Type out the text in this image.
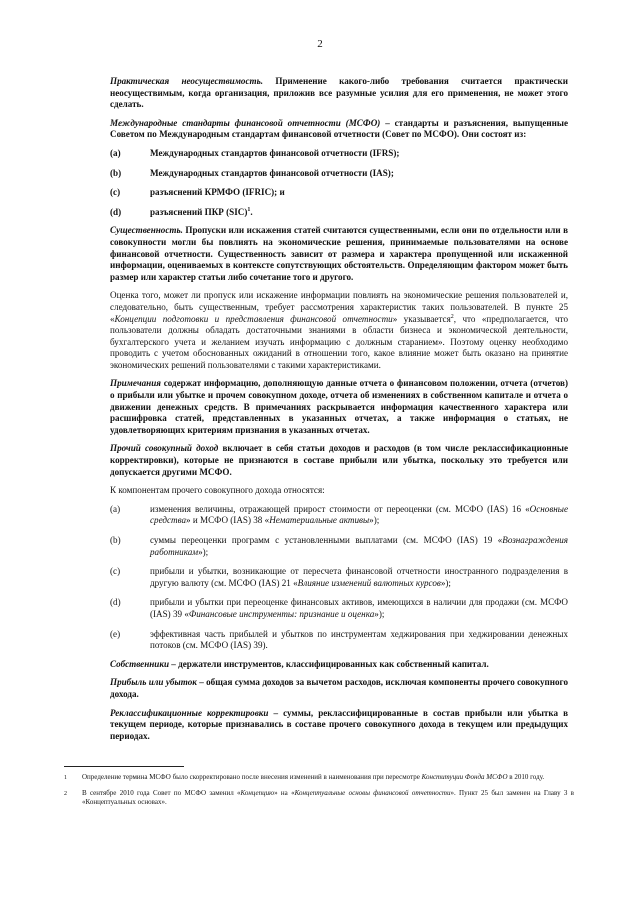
2

Практическая неосуществимость. Применение какого-либо требования считается практически неосуществимым, когда организация, приложив все разумные усилия для его применения, не может этого сделать.

Международные стандарты финансовой отчетности (МСФО) – стандарты и разъяснения, выпущенные Советом по Международным стандартам финансовой отчетности (Совет по МСФО). Они состоят из:

(a)	Международных стандартов финансовой отчетности (IFRS);
(b)	Международных стандартов финансовой отчетности (IAS);
(c)	разъяснений КРМФО (IFRIC); и
(d)	разъяснений ПКР (SIC)$^1$.

Существенность. Пропуски или искажения статей считаются существенными, если они по отдельности или в совокупности могли бы повлиять на экономические решения, принимаемые пользователями на основе финансовой отчетности. Существенность зависит от размера и характера пропущенной или искаженной информации, оцениваемых в контексте сопутствующих обстоятельств. Определяющим фактором может быть размер или характер статьи либо сочетание того и другого.

Оценка того, может ли пропуск или искажение информации повлиять на экономические решения пользователей и, следовательно, быть существенным, требует рассмотрения характеристик таких пользователей. В пункте 25 «Концепции подготовки и представления финансовой отчетности» указывается$^2$, что «предполагается, что пользователи должны обладать достаточными знаниями в области бизнеса и экономической деятельности, бухгалтерского учета и желанием изучать информацию с должным старанием». Поэтому оценку необходимо проводить с учетом обоснованных ожиданий в отношении того, какое влияние может быть оказано на принятие экономических решений пользователями с такими характеристиками.

Примечания содержат информацию, дополняющую данные отчета о финансовом положении, отчета (отчетов) о прибыли или убытке и прочем совокупном доходе, отчета об изменениях в собственном капитале и отчета о движении денежных средств. В примечаниях раскрывается информация качественного характера или расшифровка статей, представленных в указанных отчетах, а также информация о статьях, не удовлетворяющих критериям признания в указанных отчетах.

Прочий совокупный доход включает в себя статьи доходов и расходов (в том числе реклассификационные корректировки), которые не признаются в составе прибыли или убытка, поскольку это требуется или допускается другими МСФО.

К компонентам прочего совокупного дохода относятся:

(a)	изменения величины, отражающей прирост стоимости от переоценки (см. МСФО (IAS) 16 «Основные средства» и МСФО (IAS) 38 «Нематериальные активы»);
(b)	суммы переоценки программ с установленными выплатами (см. МСФО (IAS) 19 «Вознаграждения работникам»);
(c)	прибыли и убытки, возникающие от пересчета финансовой отчетности иностранного подразделения в другую валюту (см. МСФО (IAS) 21 «Влияние изменений валютных курсов»);
(d)	прибыли и убытки при переоценке финансовых активов, имеющихся в наличии для продажи (см. МСФО (IAS) 39 «Финансовые инструменты: признание и оценка»);
(e)	эффективная часть прибылей и убытков по инструментам хеджирования при хеджировании денежных потоков (см. МСФО (IAS) 39).

Собственники – держатели инструментов, классифицированных как собственный капитал.

Прибыль или убыток – общая сумма доходов за вычетом расходов, исключая компоненты прочего совокупного дохода.

Реклассификационные корректировки – суммы, реклассифицированные в состав прибыли или убытка в текущем периоде, которые признавались в составе прочего совокупного дохода в текущем или предыдущих периодах.

1	Определение термина МСФО было скорректировано после внесения изменений в наименования при пересмотре Конституции Фонда МСФО в 2010 году.
2	В сентябре 2010 года Совет по МСФО заменил «Концепцию» на «Концептуальные основы финансовой отчетности». Пункт 25 был заменен на Главу 3 в «Концептуальных основах».
